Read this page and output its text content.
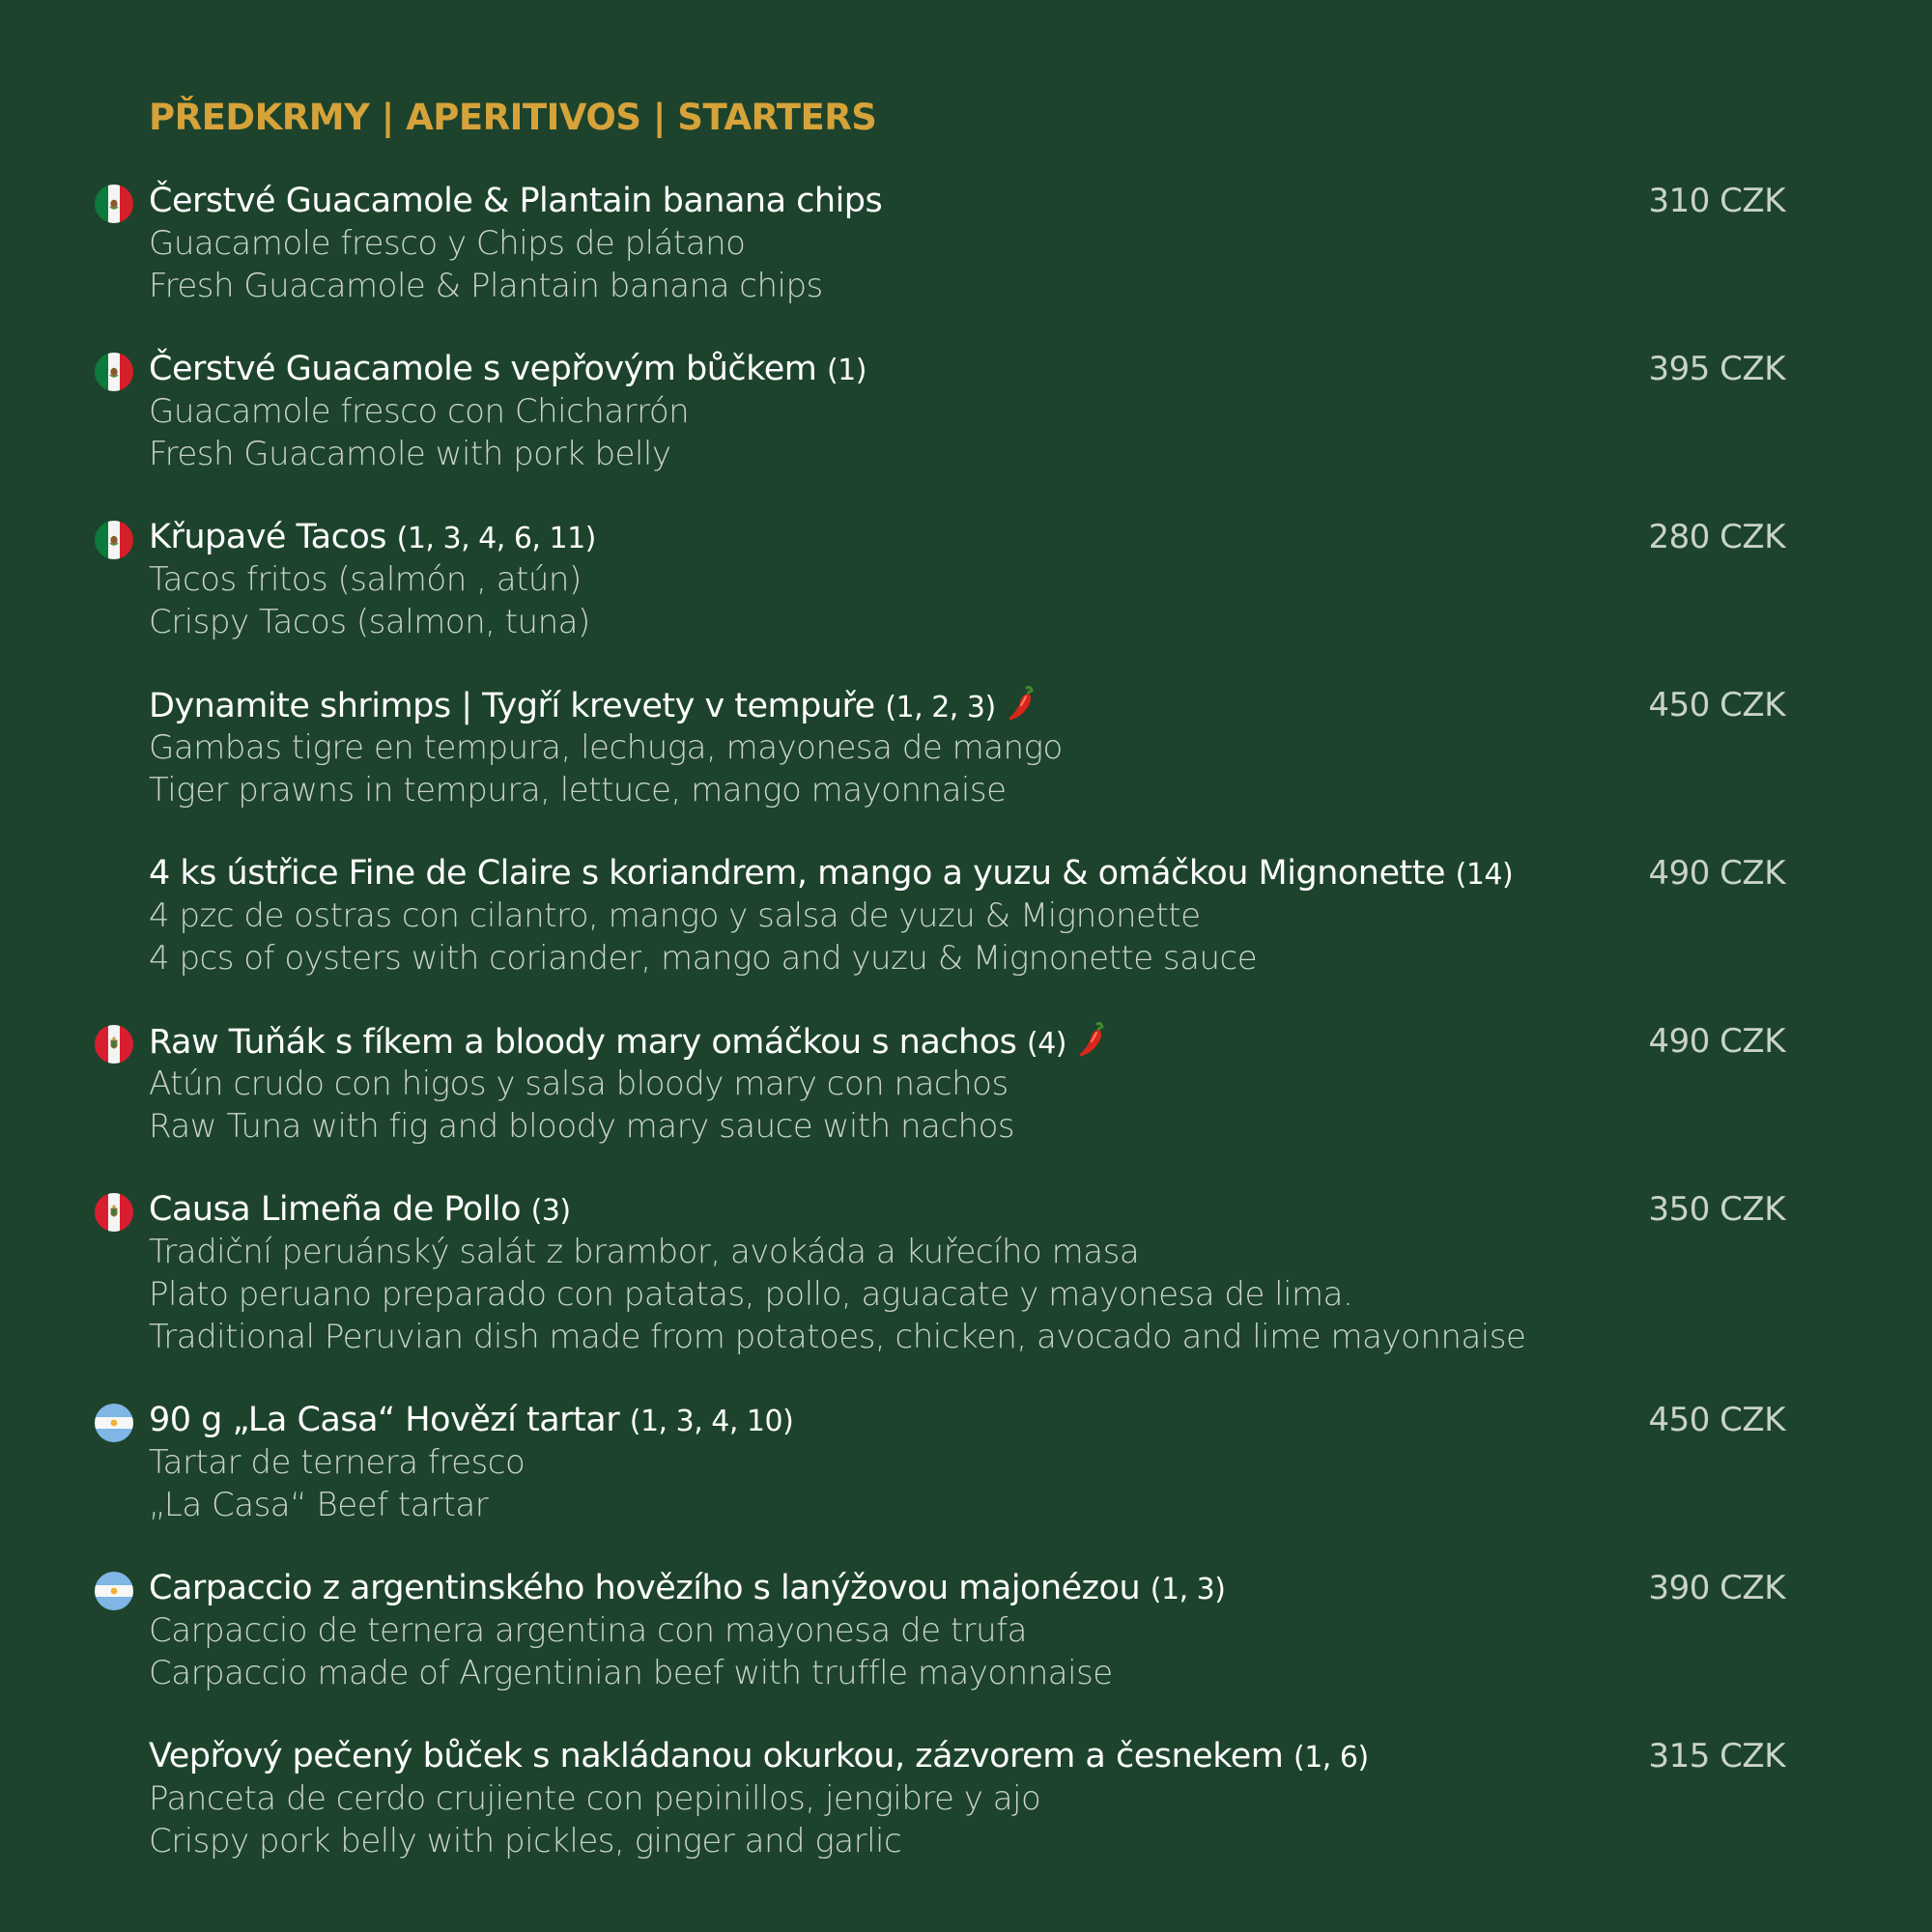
PŘEDKRMY | APERITIVOS | STARTERS

Čerstvé Guacamole & Plantain banana chips

Guacamole fresco y Chips de plátano

Fresh Guacamole & Plantain banana chips

310 CZK

Čerstvé Guacamole s vepřovým bůčkem (1)

Guacamole fresco con Chicharrón

Fresh Guacamole with pork belly

395 CZK

Křupavé Tacos (1, 3, 4, 6, 11)

Tacos fritos (salmón , atún)

Crispy Tacos (salmon, tuna)

280 CZK

Dynamite shrimps | Tygří krevety v tempuře (1, 2, 3)

Gambas tigre en tempura, lechuga, mayonesa de mango

Tiger prawns in tempura, lettuce, mango mayonnaise

450 CZK

4 ks ústřice Fine de Claire s koriandrem, mango a yuzu & omáčkou Mignonette (14)

4 pzc de ostras con cilantro, mango y salsa de yuzu & Mignonette

4 pcs of oysters with coriander, mango and yuzu & Mignonette sauce

490 CZK

Raw Tuňák s fíkem a bloody mary omáčkou s nachos (4)

Atún crudo con higos y salsa bloody mary con nachos

Raw Tuna with fig and bloody mary sauce with nachos

490 CZK

Causa Limeña de Pollo (3)

Tradiční peruánský salát z brambor, avokáda a kuřecího masa

Plato peruano preparado con patatas, pollo, aguacate y mayonesa de lima.

Traditional Peruvian dish made from potatoes, chicken, avocado and lime mayonnaise

350 CZK

90 g „La Casa“ Hovězí tartar (1, 3, 4, 10)

Tartar de ternera fresco

„La Casa“ Beef tartar

450 CZK

Carpaccio z argentinského hovězího s lanýžovou majonézou (1, 3)

Carpaccio de ternera argentina con mayonesa de trufa

Carpaccio made of Argentinian beef with truffle mayonnaise

390 CZK

Vepřový pečený bůček s nakládanou okurkou, zázvorem a česnekem (1, 6)

Panceta de cerdo crujiente con pepinillos, jengibre y ajo

Crispy pork belly with pickles, ginger and garlic

315 CZK
